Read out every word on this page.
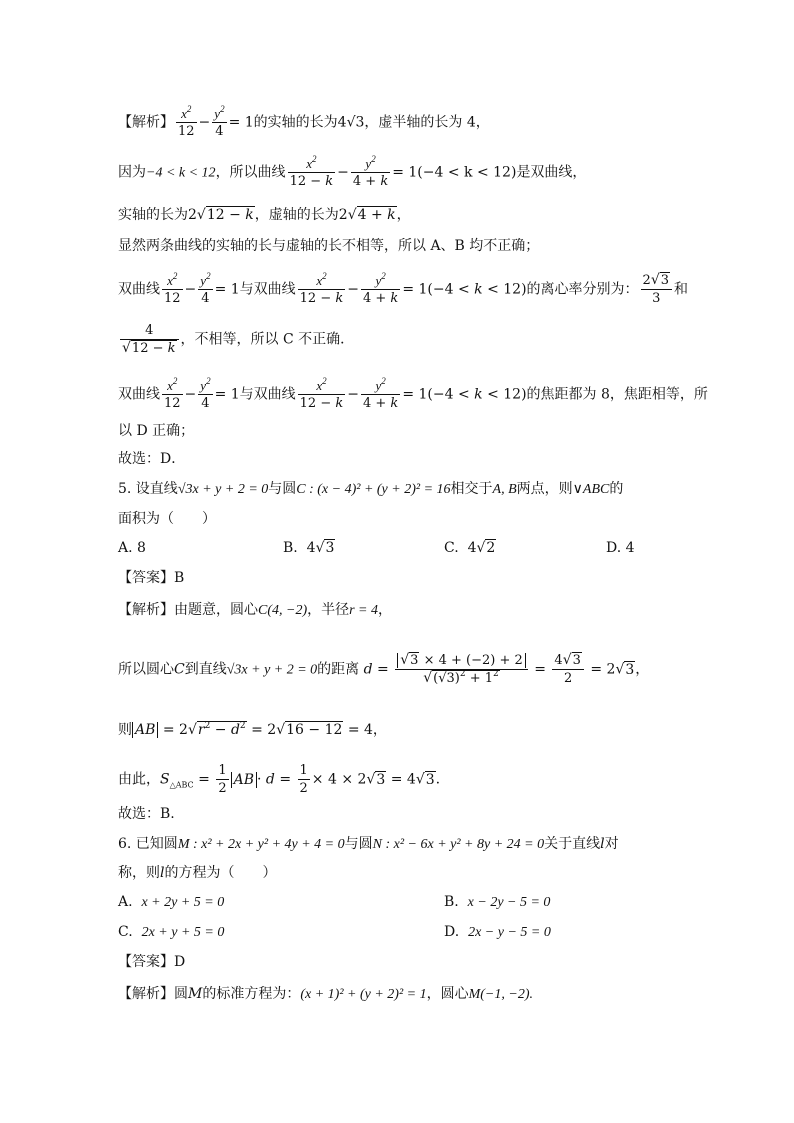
【解析】 $\frac{x^2}{12} - \frac{y^2}{4} = 1$的实轴的长为4√3，虚半轴的长为 4，
因为−4 < k < 12，所以曲线 $\frac{x^2}{12 - k} - \frac{y^2}{4 + k} = 1(-4 < k < 12)$是双曲线，
实轴的长为2√12 − k，虚轴的长为2√4 + k，
显然两条曲线的实轴的长与虚轴的长不相等，所以 A、B 均不正确；
双曲线 $\frac{x^2}{12} - \frac{y^2}{4} = 1$与双曲线 $\frac{x^2}{12 - k} - \frac{y^2}{4 + k} = 1(-4 < k < 12)$的离心率分别为： $\frac{2√3}{3}$ 和
$\frac{4}{√12 - k}$ ，不相等，所以 C 不正确．
双曲线 $\frac{x^2}{12} - \frac{y^2}{4} = 1$与双曲线 $\frac{x^2}{12 - k} - \frac{y^2}{4 + k} = 1(-4 < k < 12)$的焦距都为 8，焦距相等，所
以 D 正确；
故选：D．
5. 设直线√3x + y + 2 = 0与圆C : (x − 4)² + (y + 2)² = 16相交于A, B两点，则∨ABC的
面积为（　　）
A. 8	B.  4√3	C.  4√2	D. 4
【答案】B
【解析】由题意，圆心C(4, −2)，半径r = 4，
所以圆心C到直线√3x + y + 2 = 0的距离 $d = \frac{√3 \times 4 + (-2) + 2}{√(√3)^2 + 1^2} = \frac{4√3}{2} = 2√3$，
则 AB = $2√r^2 - d^2 = 2√16 - 12 = 4$，
由此，$S_{\triangle ABC} = \frac{1}{2}$ AB · $d = \frac{1}{2} \times 4 \times 2√3 = 4√3$.
故选：B.
6. 已知圆M : x² + 2x + y² + 4y + 4 = 0与圆N : x² − 6x + y² + 8y + 24 = 0关于直线l对
称，则l的方程为（　　）
A. x + 2y + 5 = 0	B. x − 2y − 5 = 0
C. 2x + y + 5 = 0	D. 2x − y − 5 = 0
【答案】D
【解析】圆M的标准方程为：(x + 1)² + (y + 2)² = 1，圆心M(−1, −2).
